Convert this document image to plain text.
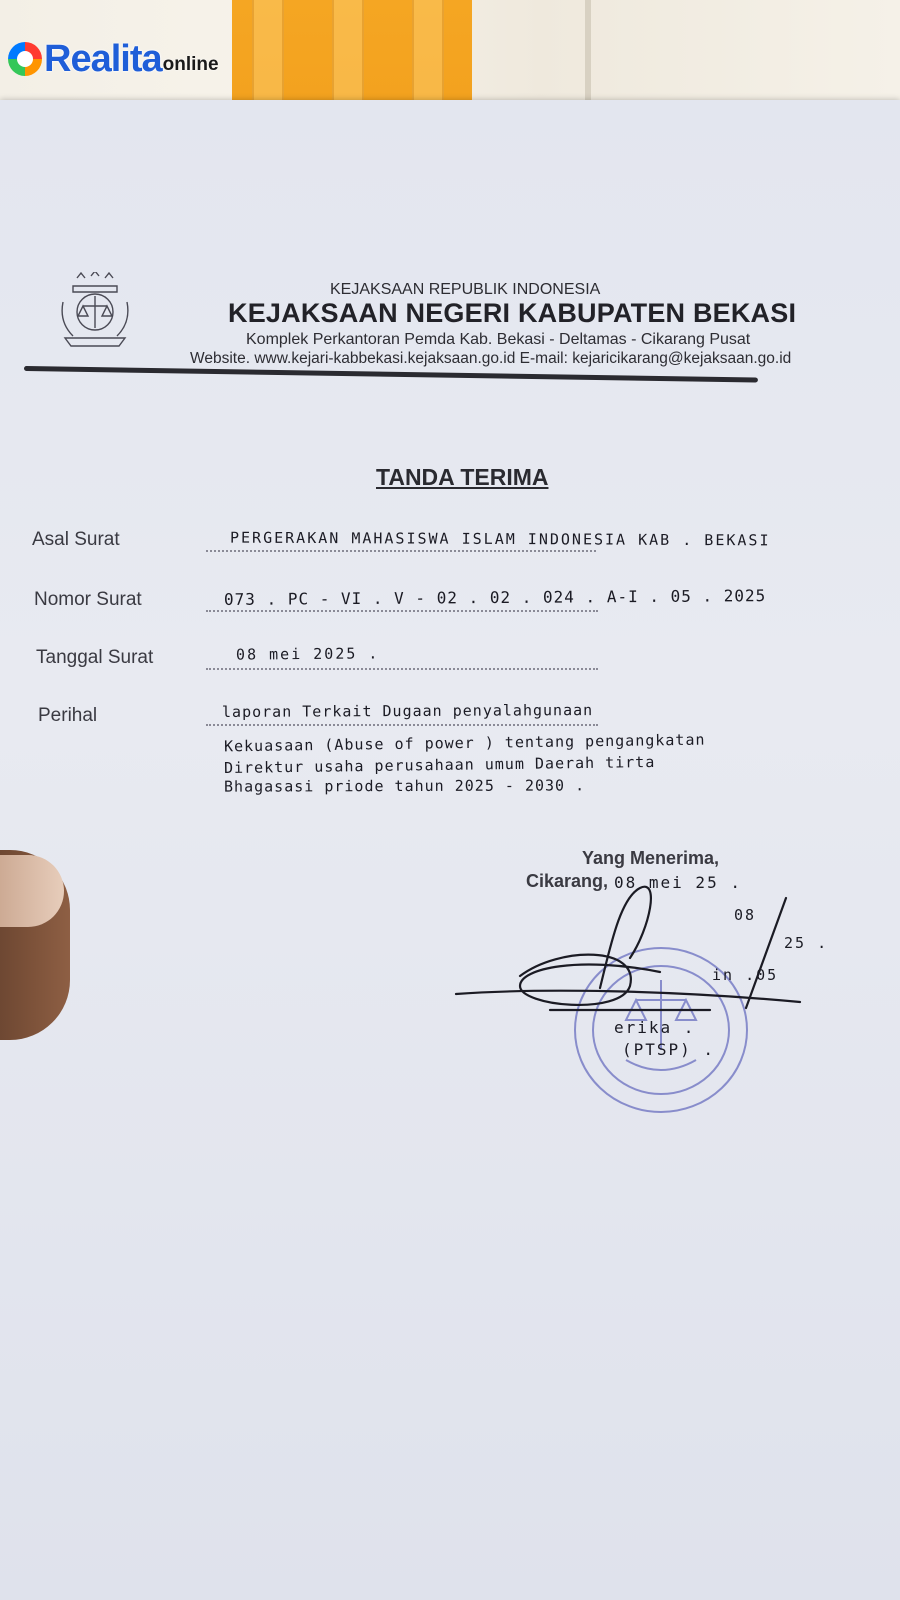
KEJAKSAAN REPUBLIK INDONESIA
KEJAKSAAN NEGERI KABUPATEN BEKASI
Komplek Perkantoran Pemda Kab. Bekasi - Deltamas - Cikarang Pusat
Website. www.kejari-kabbekasi.kejaksaan.go.id E-mail: kejaricikarang@kejaksaan.go.id
TANDA TERIMA
Asal Surat	PERGERAKAN MAHASISWA ISLAM INDONESIA KAB . BEKASI
Nomor Surat	073 . PC - VI . V - 02 . 02 . 024 . A-I . 05 . 2025
Tanggal Surat	08 mei 2025 .
Perihal	laporan Terkait Dugaan penyalahgunaan
Kekuasaan (Abuse of power ) tentang pengangkatan
Direktur usaha perusahaan umum Daerah tirta
Bhagasasi priode tahun 2025 - 2030 .
Yang Menerima,
Cikarang, 08 mei 25 .
08
25 .
in .05
erika .
(PTSP) .
Realita online
